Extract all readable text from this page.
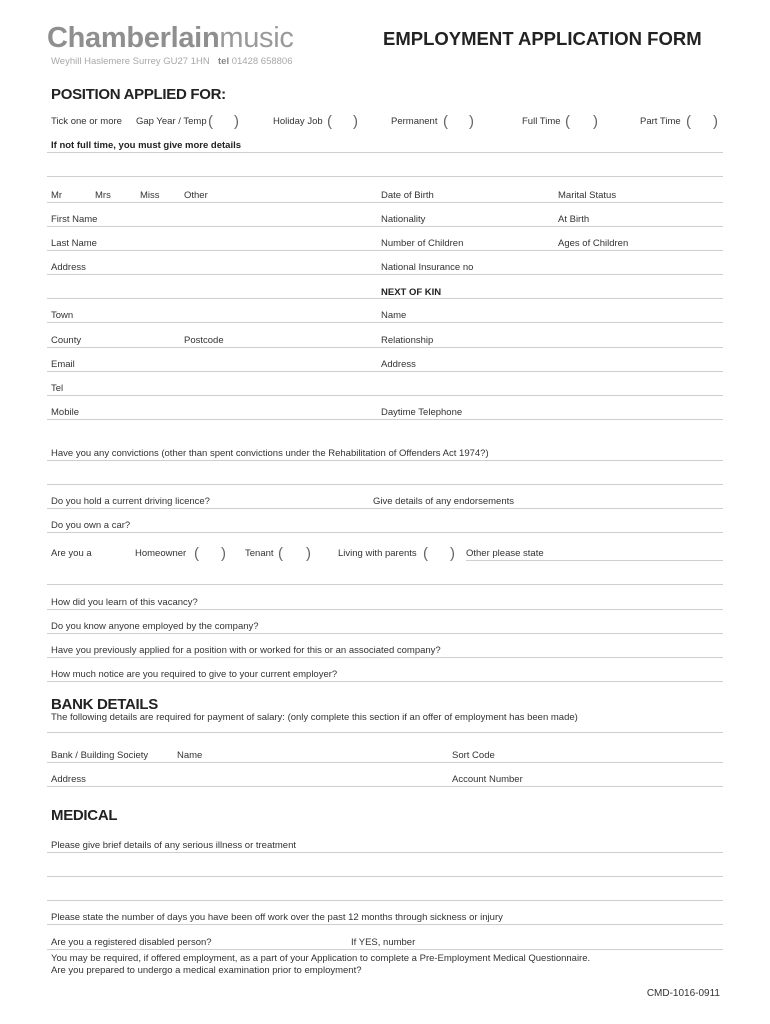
Chamberlainmusic
Weyhill Haslemere Surrey GU27 1HN tel 01428 658806
EMPLOYMENT APPLICATION FORM
POSITION APPLIED FOR:
Tick one or more Gap Year / Temp ( )	Holiday Job ( )	Permanent ( )	Full Time ( )	Part Time ( )
If not full time, you must give more details
Mr	Mrs	Miss	Other	Date of Birth	Marital Status
First Name	Nationality	At Birth
Last Name	Number of Children	Ages of Children
Address	National Insurance no
NEXT OF KIN
Town	Name
County	Postcode	Relationship
Email	Address
Tel
Mobile	Daytime Telephone
Have you any convictions (other than spent convictions under the Rehabilitation of Offenders Act 1974?)
Do you hold a current driving licence?	Give details of any endorsements
Do you own a car?
Are you a	Homeowner ( ) Tenant ( )	Living with parents ( ) Other please state
How did you learn of this vacancy?
Do you know anyone employed by the company?
Have you previously applied for a position with or worked for this or an associated company?
How much notice are you required to give to your current employer?
BANK DETAILS
The following details are required for payment of salary: (only complete this section if an offer of employment has been made)
Bank / Building Society	Name	Sort Code
Address	Account Number
MEDICAL
Please give brief details of any serious illness or treatment
Please state the number of days you have been off work over the past 12 months through sickness or injury
Are you a registered disabled person?	If YES, number
You may be required, if offered employment, as a part of your Application to complete a Pre-Employment Medical Questionnaire.
Are you prepared to undergo a medical examination prior to employment?
CMD-1016-0911
